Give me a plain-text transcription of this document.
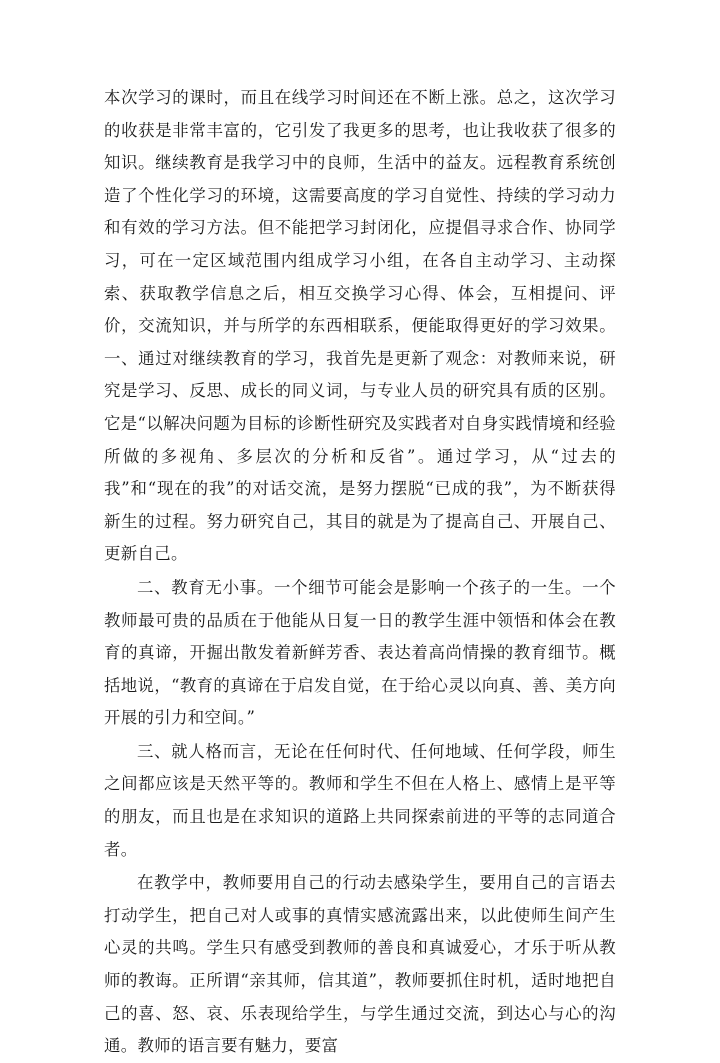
本次学习的课时，而且在线学习时间还在不断上涨。总之，这次学习的收获是非常丰富的，它引发了我更多的思考，也让我收获了很多的知识。继续教育是我学习中的良师，生活中的益友。远程教育系统创造了个性化学习的环境，这需要高度的学习自觉性、持续的学习动力和有效的学习方法。但不能把学习封闭化，应提倡寻求合作、协同学习，可在一定区域范围内组成学习小组，在各自主动学习、主动探索、获取教学信息之后，相互交换学习心得、体会，互相提问、评价，交流知识，并与所学的东西相联系，便能取得更好的学习效果。一、通过对继续教育的学习，我首先是更新了观念：对教师来说，研究是学习、反思、成长的同义词，与专业人员的研究具有质的区别。它是“以解决问题为目标的诊断性研究及实践者对自身实践情境和经验所做的多视角、多层次的分析和反省”。通过学习，从“过去的我”和“现在的我”的对话交流，是努力摆脱“已成的我”，为不断获得新生的过程。努力研究自己，其目的就是为了提高自己、开展自己、更新自己。

二、教育无小事。一个细节可能会是影响一个孩子的一生。一个教师最可贵的品质在于他能从日复一日的教学生涯中领悟和体会在教育的真谛，开掘出散发着新鲜芳香、表达着高尚情操的教育细节。概括地说，“教育的真谛在于启发自觉，在于给心灵以向真、善、美方向开展的引力和空间。”

三、就人格而言，无论在任何时代、任何地域、任何学段，师生之间都应该是天然平等的。教师和学生不但在人格上、感情上是平等的朋友，而且也是在求知识的道路上共同探索前进的平等的志同道合者。

在教学中，教师要用自己的行动去感染学生，要用自己的言语去打动学生，把自己对人或事的真情实感流露出来，以此使师生间产生心灵的共鸣。学生只有感受到教师的善良和真诚爱心，才乐于听从教师的教诲。正所谓“亲其师，信其道”，教师要抓住时机，适时地把自己的喜、怒、哀、乐表现给学生，与学生通过交流，到达心与心的沟通。教师的语言要有魅力，要富
